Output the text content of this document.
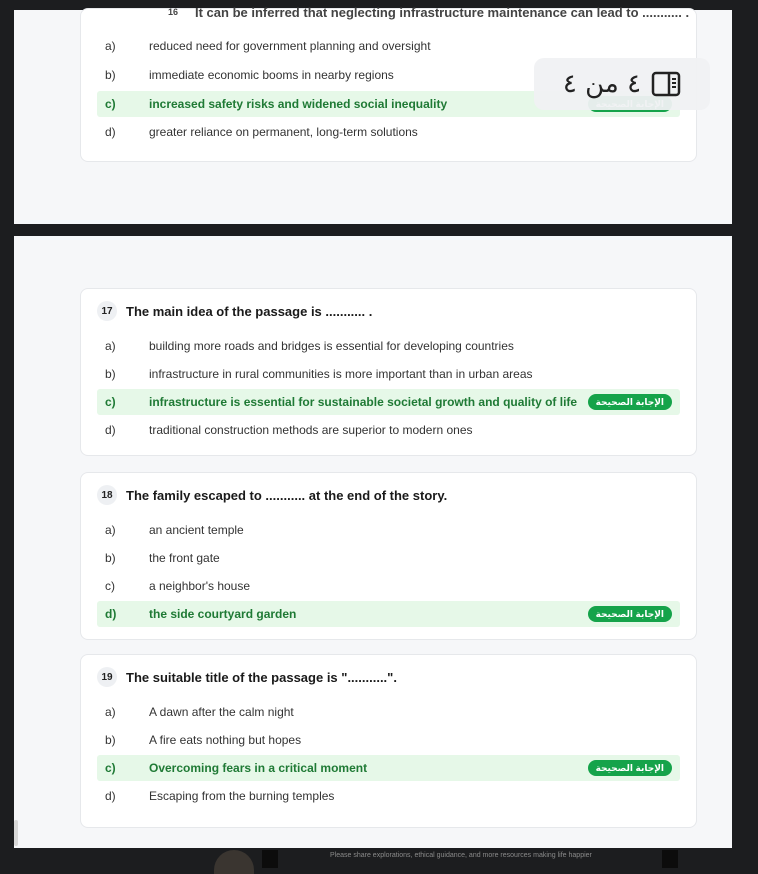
16	It can be inferred that neglecting infrastructure maintenance can lead to ........... .
a)	reduced need for government planning and oversight
b)	immediate economic booms in nearby regions
c)	increased safety risks and widened social inequality
d)	greater reliance on permanent, long-term solutions
٤ من ٤
17	The main idea of the passage is ........... .
a)	building more roads and bridges is essential for developing countries
b)	infrastructure in rural communities is more important than in urban areas
c)	infrastructure is essential for sustainable societal growth and quality of life	الإجابة الصحيحة
d)	traditional construction methods are superior to modern ones
18	The family escaped to ........... at the end of the story.
a)	an ancient temple
b)	the front gate
c)	a neighbor's house
d)	the side courtyard garden	الإجابة الصحيحة
19	The suitable title of the passage is "...........".
a)	A dawn after the calm night
b)	A fire eats nothing but hopes
c)	Overcoming fears in a critical moment	الإجابة الصحيحة
d)	Escaping from the burning temples
Please share explorations, ethical guidance, and more resources making life happier
